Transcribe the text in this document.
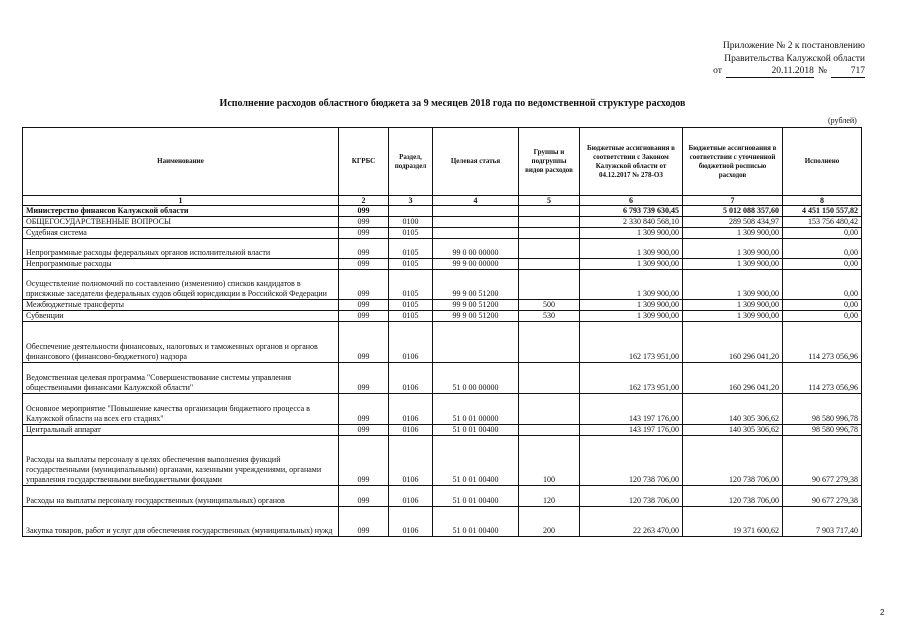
Приложение № 2 к постановлению
Правительства Калужской области
от	20.11.2018 №	717
Исполнение расходов областного бюджета за 9 месяцев 2018 года по ведомственной структуре расходов
(рублей)
Наименование	КГРБС	Раздел, подраздел	Целевая статья	Группы и подгруппы видов расходов	Бюджетные ассигнования в соответствии с Законом Калужской области от 04.12.2017 № 278-ОЗ	Бюджетные ассигнования в соответствии с уточненной бюджетной росписью расходов	Исполнено
1	2	3	4	5	6	7	8
Министерство финансов Калужской области	099				6 793 739 630,45	5 012 088 357,60	4 451 150 557,82
ОБЩЕГОСУДАРСТВЕННЫЕ ВОПРОСЫ	099	0100			2 330 840 568,10	289 508 434,97	153 756 480,42
Судебная система	099	0105			1 309 900,00	1 309 900,00	0,00
Непрограммные расходы федеральных органов исполнительной власти	099	0105	99 0 00 00000		1 309 900,00	1 309 900,00	0,00
Непрограммные расходы	099	0105	99 9 00 00000		1 309 900,00	1 309 900,00	0,00
Осуществление полномочий по составлению (изменению) списков кандидатов в присяжные заседатели федеральных судов общей юрисдикции в Российской Федерации	099	0105	99 9 00 51200		1 309 900,00	1 309 900,00	0,00
Межбюджетные трансферты	099	0105	99 9 00 51200	500	1 309 900,00	1 309 900,00	0,00
Субвенции	099	0105	99 9 00 51200	530	1 309 900,00	1 309 900,00	0,00
Обеспечение деятельности финансовых, налоговых и таможенных органов и органов финансового (финансово-бюджетного) надзора	099	0106			162 173 951,00	160 296 041,20	114 273 056,96
Ведомственная целевая программа "Совершенствование системы управления общественными финансами Калужской области"	099	0106	51 0 00 00000		162 173 951,00	160 296 041,20	114 273 056,96
Основное мероприятие "Повышение качества организации бюджетного процесса в Калужской области на всех его стадиях"	099	0106	51 0 01 00000		143 197 176,00	140 305 306,62	98 580 996,78
Центральный аппарат	099	0106	51 0 01 00400		143 197 176,00	140 305 306,62	98 580 996,78
Расходы на выплаты персоналу в целях обеспечения выполнения функций государственными (муниципальными) органами, казенными учреждениями, органами управления государственными внебюджетными фондами	099	0106	51 0 01 00400	100	120 738 706,00	120 738 706,00	90 677 279,38
Расходы на выплаты персоналу государственных (муниципальных) органов	099	0106	51 0 01 00400	120	120 738 706,00	120 738 706,00	90 677 279,38
Закупка товаров, работ и услуг для обеспечения государственных (муниципальных) нужд	099	0106	51 0 01 00400	200	22 263 470,00	19 371 600,62	7 903 717,40
2
